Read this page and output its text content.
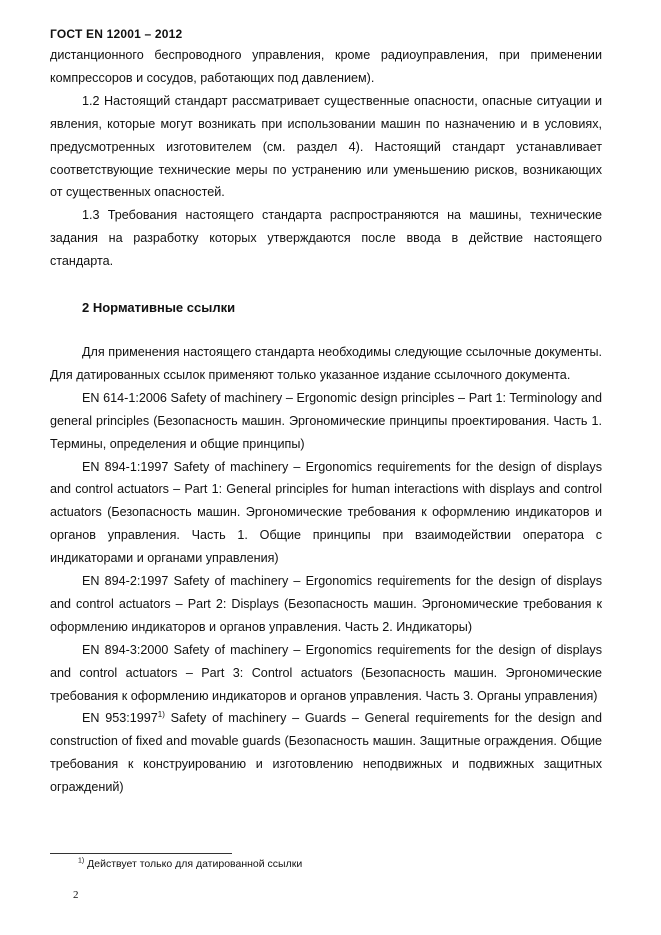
ГОСТ EN 12001 – 2012

дистанционного беспроводного управления, кроме радиоуправления, при применении компрессоров и сосудов, работающих под давлением).

1.2 Настоящий стандарт рассматривает существенные опасности, опасные ситуации и явления, которые могут возникать при использовании машин по назначению и в условиях, предусмотренных изготовителем (см. раздел 4). Настоящий стандарт устанавливает соответствующие технические меры по устранению или уменьшению рисков, возникающих от существенных опасностей.

1.3 Требования настоящего стандарта распространяются на машины, технические задания на разработку которых утверждаются после ввода в действие настоящего стандарта.

2 Нормативные ссылки

Для применения настоящего стандарта необходимы следующие ссылочные документы. Для датированных ссылок применяют только указанное издание ссылочного документа.

EN 614-1:2006 Safety of machinery – Ergonomic design principles – Part 1: Terminology and general principles (Безопасность машин. Эргономические принципы проектирования. Часть 1. Термины, определения и общие принципы)

EN 894-1:1997 Safety of machinery – Ergonomics requirements for the design of displays and control actuators – Part 1: General principles for human interactions with displays and control actuators (Безопасность машин. Эргономические требования к оформлению индикаторов и органов управления. Часть 1. Общие принципы при взаимодействии оператора с индикаторами и органами управления)

EN 894-2:1997 Safety of machinery – Ergonomics requirements for the design of displays and control actuators – Part 2: Displays (Безопасность машин. Эргономические требования к оформлению индикаторов и органов управления. Часть 2. Индикаторы)

EN 894-3:2000 Safety of machinery – Ergonomics requirements for the design of displays and control actuators – Part 3: Control actuators (Безопасность машин. Эргономические требования к оформлению индикаторов и органов управления. Часть 3. Органы управления)

EN 953:1997$^{1)}$ Safety of machinery – Guards – General requirements for the design and construction of fixed and movable guards (Безопасность машин. Защитные ограждения. Общие требования к конструированию и изготовлению неподвижных и подвижных защитных ограждений)

$^{1)}$ Действует только для датированной ссылки
2
